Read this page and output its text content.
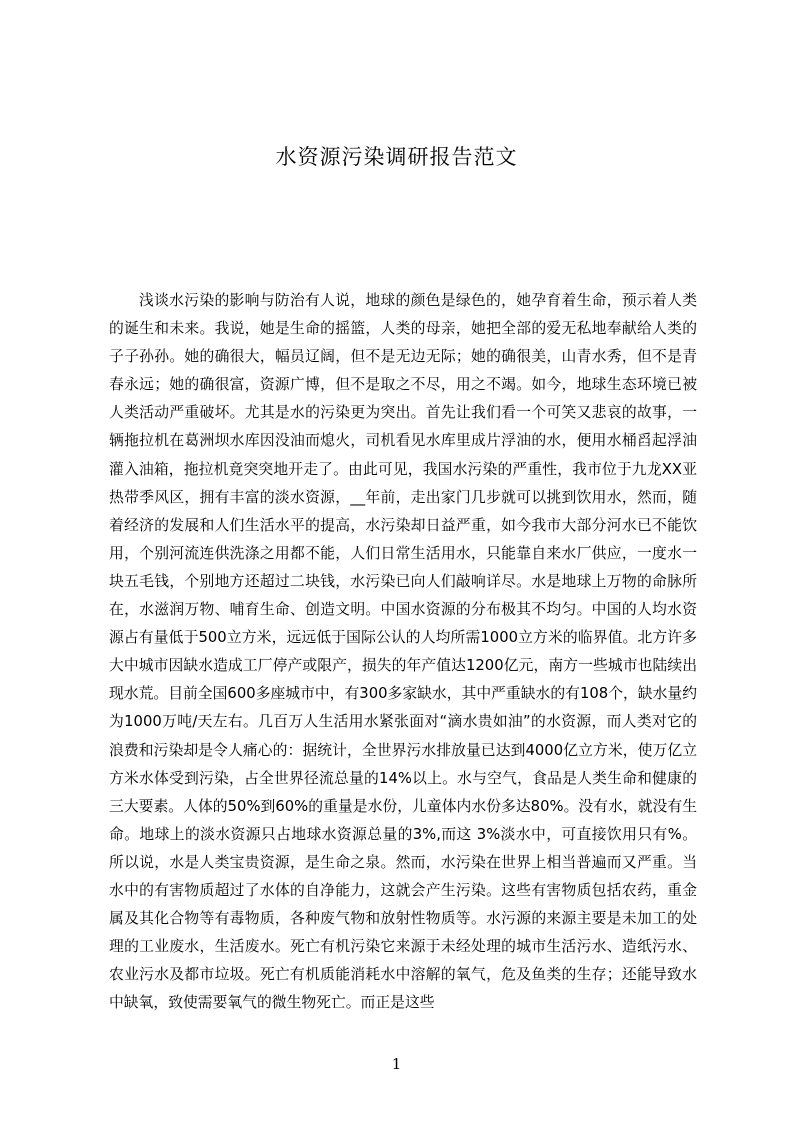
水资源污染调研报告范文

浅谈水污染的影响与防治有人说，地球的颜色是绿色的，她孕育着生命，预示着人类的诞生和未来。我说，她是生命的摇篮，人类的母亲，她把全部的爱无私地奉献给人类的子子孙孙。她的确很大，幅员辽阔，但不是无边无际；她的确很美，山青水秀，但不是青春永远；她的确很富，资源广博，但不是取之不尽，用之不竭。如今，地球生态环境已被人类活动严重破坏。尤其是水的污染更为突出。首先让我们看一个可笑又悲哀的故事，一辆拖拉机在葛洲坝水库因没油而熄火，司机看见水库里成片浮油的水，便用水桶舀起浮油灌入油箱，拖拉机竟突突地开走了。由此可见，我国水污染的严重性，我市位于九龙XX亚热带季风区，拥有丰富的淡水资源，__年前，走出家门几步就可以挑到饮用水，然而，随着经济的发展和人们生活水平的提高，水污染却日益严重，如今我市大部分河水已不能饮用，个别河流连供洗涤之用都不能，人们日常生活用水，只能靠自来水厂供应，一度水一块五毛钱，个别地方还超过二块钱，水污染已向人们敲响详尽。水是地球上万物的命脉所在，水滋润万物、哺育生命、创造文明。中国水资源的分布极其不均匀。中国的人均水资源占有量低于500立方米，远远低于国际公认的人均所需1000立方米的临界值。北方许多大中城市因缺水造成工厂停产或限产，损失的年产值达1200亿元，南方一些城市也陆续出现水荒。目前全国600多座城市中，有300多家缺水，其中严重缺水的有108个，缺水量约为1000万吨/天左右。几百万人生活用水紧张面对“滴水贵如油”的水资源，而人类对它的浪费和污染却是令人痛心的：据统计，全世界污水排放量已达到4000亿立方米，使万亿立方米水体受到污染，占全世界径流总量的14%以上。水与空气，食品是人类生命和健康的三大要素。人体的50%到60%的重量是水份，儿童体内水份多达80%。没有水，就没有生命。地球上的淡水资源只占地球水资源总量的3%,而这 3%淡水中，可直接饮用只有%。所以说，水是人类宝贵资源，是生命之泉。然而，水污染在世界上相当普遍而又严重。当水中的有害物质超过了水体的自净能力，这就会产生污染。这些有害物质包括农药，重金属及其化合物等有毒物质，各种废气物和放射性物质等。水污源的来源主要是未加工的处理的工业废水，生活废水。死亡有机污染它来源于未经处理的城市生活污水、造纸污水、农业污水及都市垃圾。死亡有机质能消耗水中溶解的氧气，危及鱼类的生存；还能导致水中缺氧，致使需要氧气的微生物死亡。而正是这些

1
